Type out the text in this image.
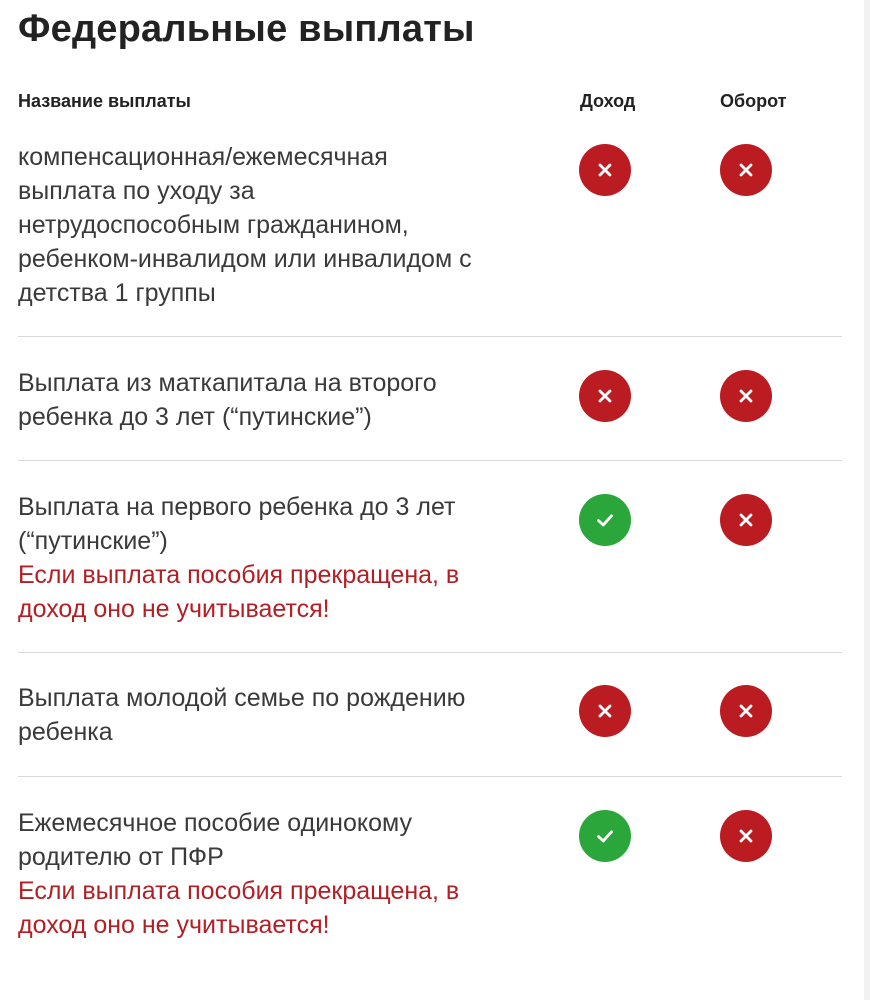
Федеральные выплаты
Название выплаты	Доход	Оборот
компенсационная/ежемесячная
выплата по уходу за
нетрудоспособным гражданином,
ребенком-инвалидом или инвалидом с
детства 1 группы
Выплата из маткапитала на второго
ребенка до 3 лет (“путинские”)
Выплата на первого ребенка до 3 лет
(“путинские”)
Если выплата пособия прекращена, в
доход оно не учитывается!
Выплата молодой семье по рождению
ребенка
Ежемесячное пособие одинокому
родителю от ПФР
Если выплата пособия прекращена, в
доход оно не учитывается!
